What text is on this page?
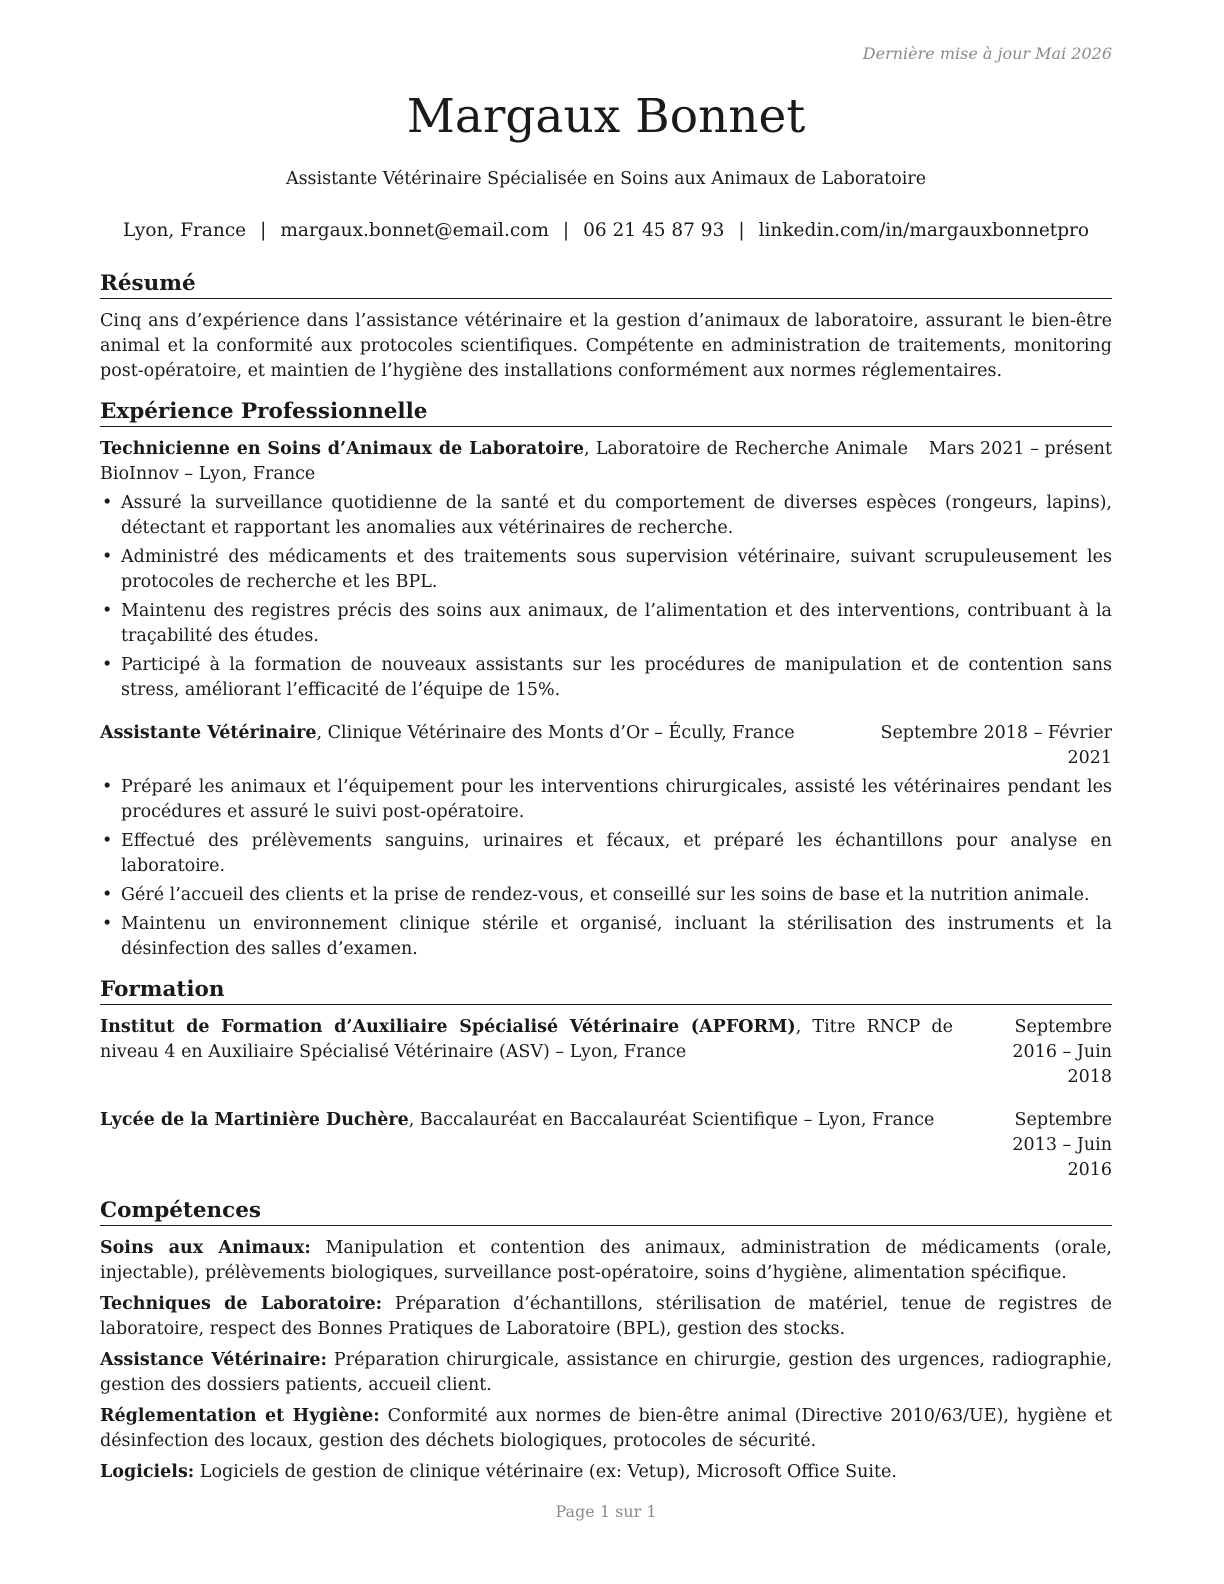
Dernière mise à jour Mai 2026
Margaux Bonnet
Assistante Vétérinaire Spécialisée en Soins aux Animaux de Laboratoire
Lyon, France | margaux.bonnet@email.com | 06 21 45 87 93 | linkedin.com/in/margauxbonnetpro
Résumé

Cinq ans d’expérience dans l’assistance vétérinaire et la gestion d’animaux de laboratoire, assurant le bien-être animal et la conformité aux protocoles scientifiques. Compétente en administration de traitements, monitoring post-opératoire, et maintien de l’hygiène des installations conformément aux normes réglementaires.

Expérience Professionnelle
Technicienne en Soins d’Animaux de Laboratoire, Laboratoire de Recherche Animale BioInnov – Lyon, France
Mars 2021 – présent
• Assuré la surveillance quotidienne de la santé et du comportement de diverses espèces (rongeurs, lapins), détectant et rapportant les anomalies aux vétérinaires de recherche.
• Administré des médicaments et des traitements sous supervision vétérinaire, suivant scrupuleusement les protocoles de recherche et les BPL.
• Maintenu des registres précis des soins aux animaux, de l’alimentation et des interventions, contribuant à la traçabilité des études.
• Participé à la formation de nouveaux assistants sur les procédures de manipulation et de contention sans stress, améliorant l’efficacité de l’équipe de 15%.
Assistante Vétérinaire, Clinique Vétérinaire des Monts d’Or – Écully, France	Septembre 2018 – Février 2021
• Préparé les animaux et l’équipement pour les interventions chirurgicales, assisté les vétérinaires pendant les procédures et assuré le suivi post-opératoire.
• Effectué des prélèvements sanguins, urinaires et fécaux, et préparé les échantillons pour analyse en laboratoire.
• Géré l’accueil des clients et la prise de rendez-vous, et conseillé sur les soins de base et la nutrition animale.
• Maintenu un environnement clinique stérile et organisé, incluant la stérilisation des instruments et la désinfection des salles d’examen.
Formation
Institut de Formation d’Auxiliaire Spécialisé Vétérinaire (APFORM), Titre RNCP de niveau 4 en Auxiliaire Spécialisé Vétérinaire (ASV) – Lyon, France
Septembre 2016 – Juin 2018
Lycée de la Martinière Duchère, Baccalauréat en Baccalauréat Scientifique – Lyon, France	Septembre 2013 – Juin 2016
Compétences

Soins aux Animaux: Manipulation et contention des animaux, administration de médicaments (orale, injectable), prélèvements biologiques, surveillance post-opératoire, soins d’hygiène, alimentation spécifique.

Techniques de Laboratoire: Préparation d’échantillons, stérilisation de matériel, tenue de registres de laboratoire, respect des Bonnes Pratiques de Laboratoire (BPL), gestion des stocks.

Assistance Vétérinaire: Préparation chirurgicale, assistance en chirurgie, gestion des urgences, radiographie, gestion des dossiers patients, accueil client.

Réglementation et Hygiène: Conformité aux normes de bien-être animal (Directive 2010/63/UE), hygiène et désinfection des locaux, gestion des déchets biologiques, protocoles de sécurité.

Logiciels: Logiciels de gestion de clinique vétérinaire (ex: Vetup), Microsoft Office Suite.

Page 1 sur 1
